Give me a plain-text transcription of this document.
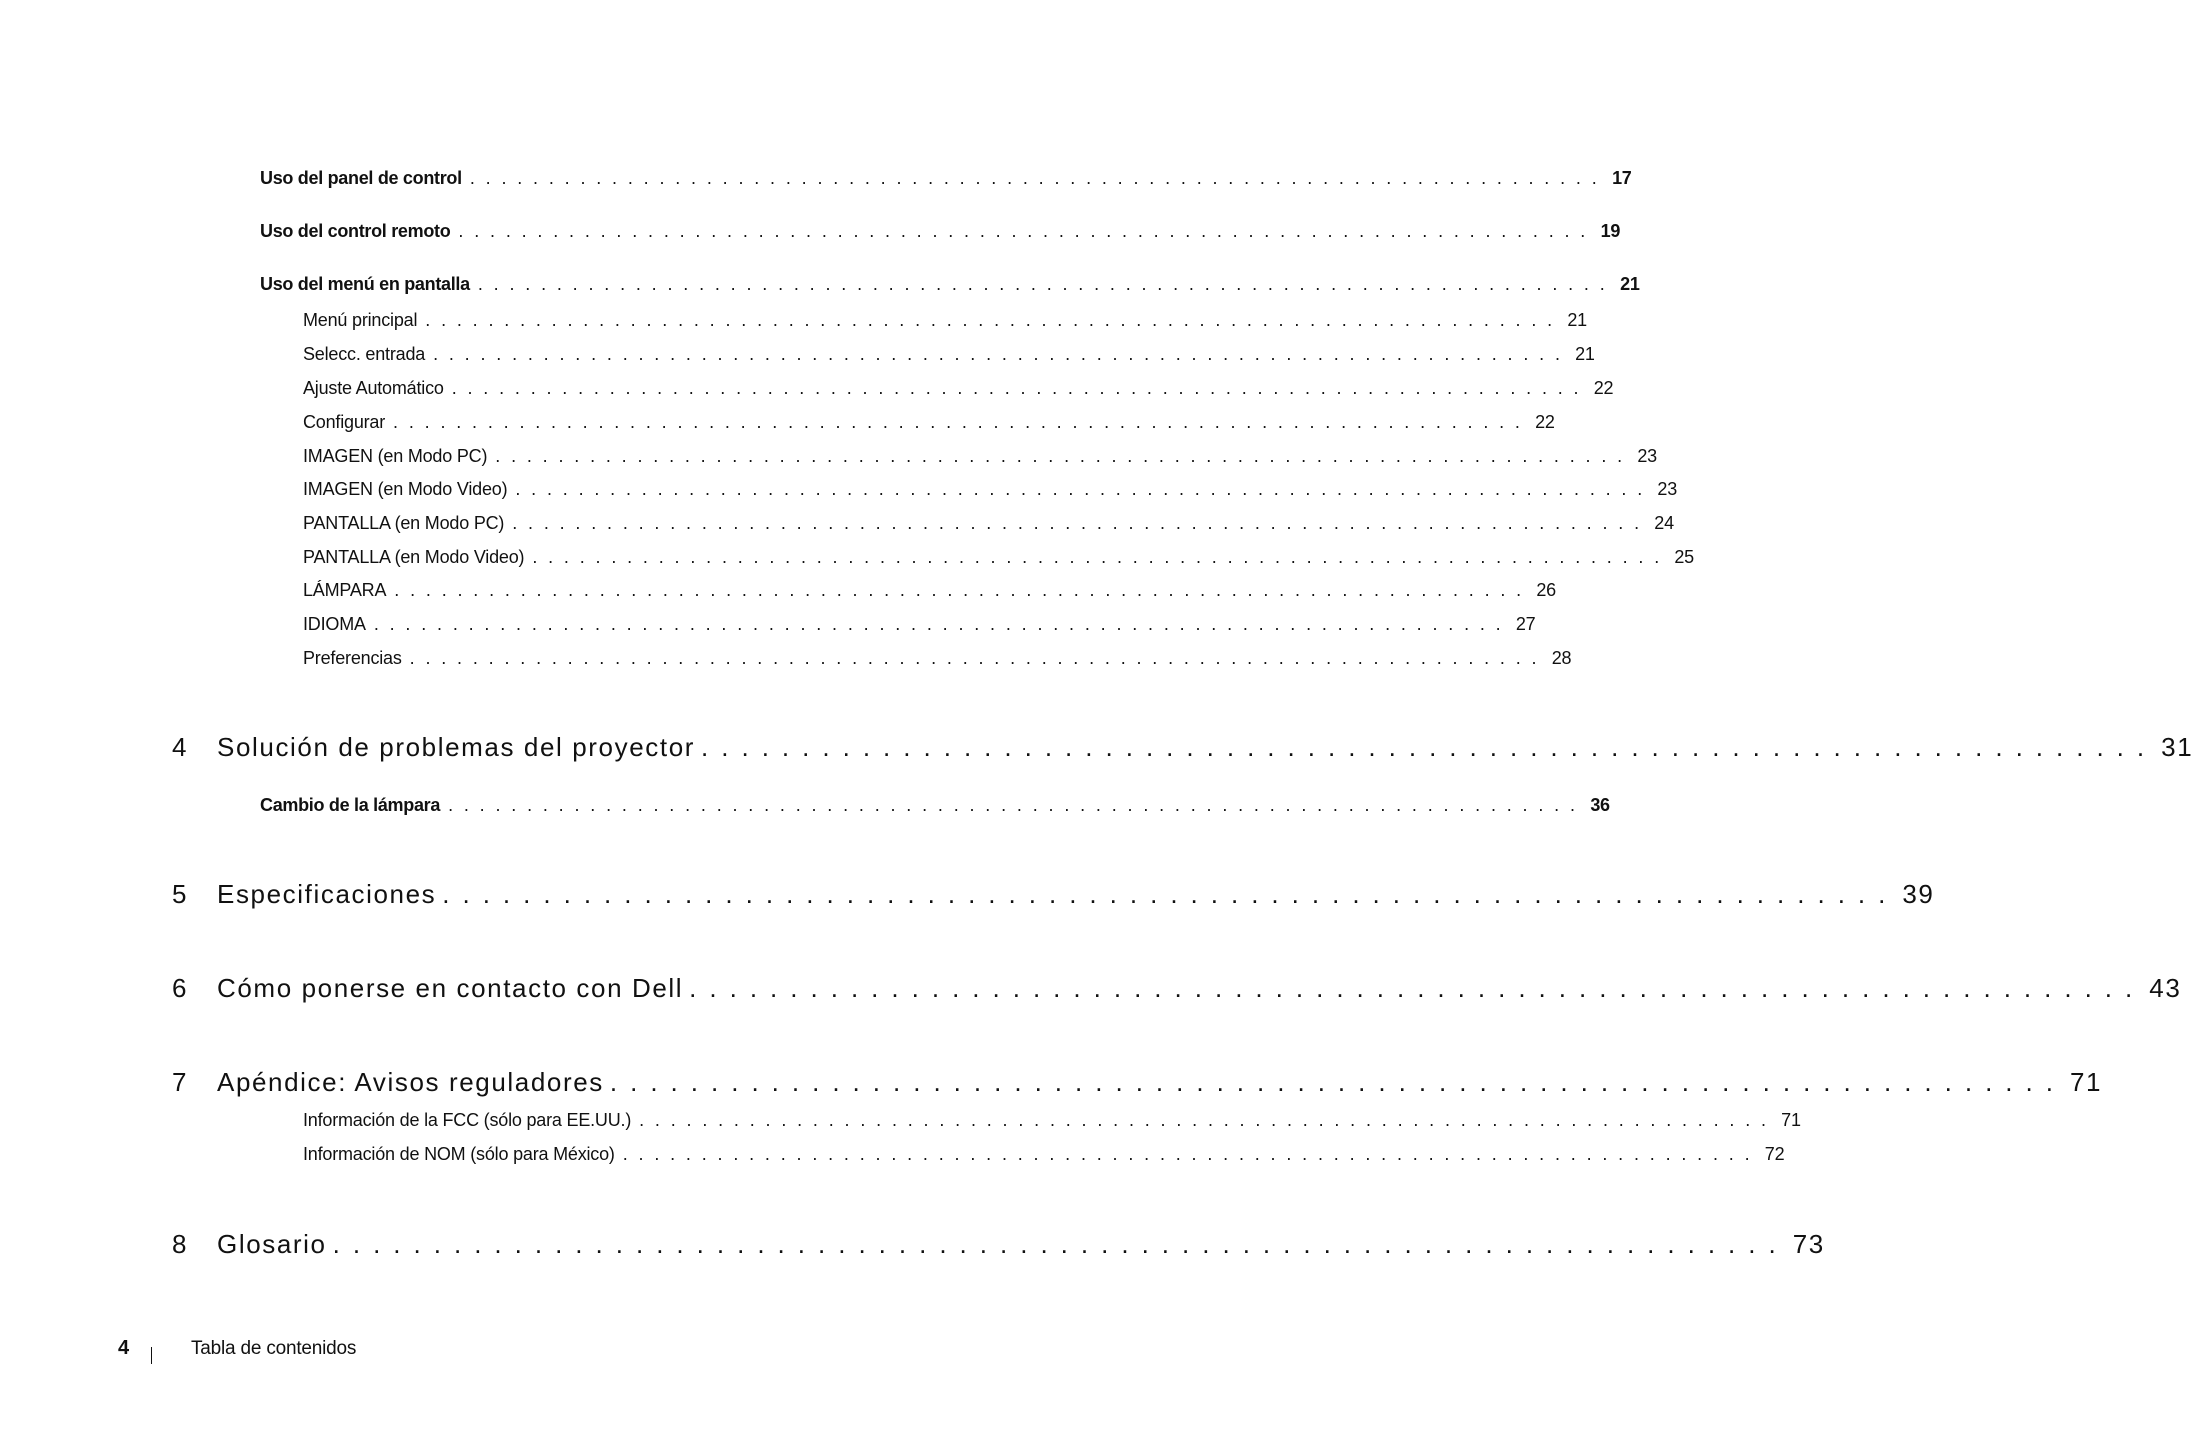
Uso del panel de control ........................................................................ 17
Uso del control remoto ........................................................................ 19
Uso del menú en pantalla ........................................................................ 21
Menú principal ........................................................................ 21
Selecc. entrada ........................................................................ 21
Ajuste Automático ........................................................................ 22
Configurar ........................................................................ 22
IMAGEN (en Modo PC) ........................................................................ 23
IMAGEN (en Modo Video) ........................................................................ 23
PANTALLA (en Modo PC) ........................................................................ 24
PANTALLA (en Modo Video) ........................................................................ 25
LÁMPARA ........................................................................ 26
IDIOMA ........................................................................ 27
Preferencias ........................................................................ 28
4	Solución de problemas del proyector ........................................................................ 31
Cambio de la lámpara ........................................................................ 36
5	Especificaciones ........................................................................ 39
6	Cómo ponerse en contacto con Dell ........................................................................ 43
7	Apéndice: Avisos reguladores ........................................................................ 71
Información de la FCC (sólo para EE.UU.) ........................................................................ 71
Información de NOM (sólo para México) ........................................................................ 72
8	Glosario ........................................................................ 73
4	Tabla de contenidos
